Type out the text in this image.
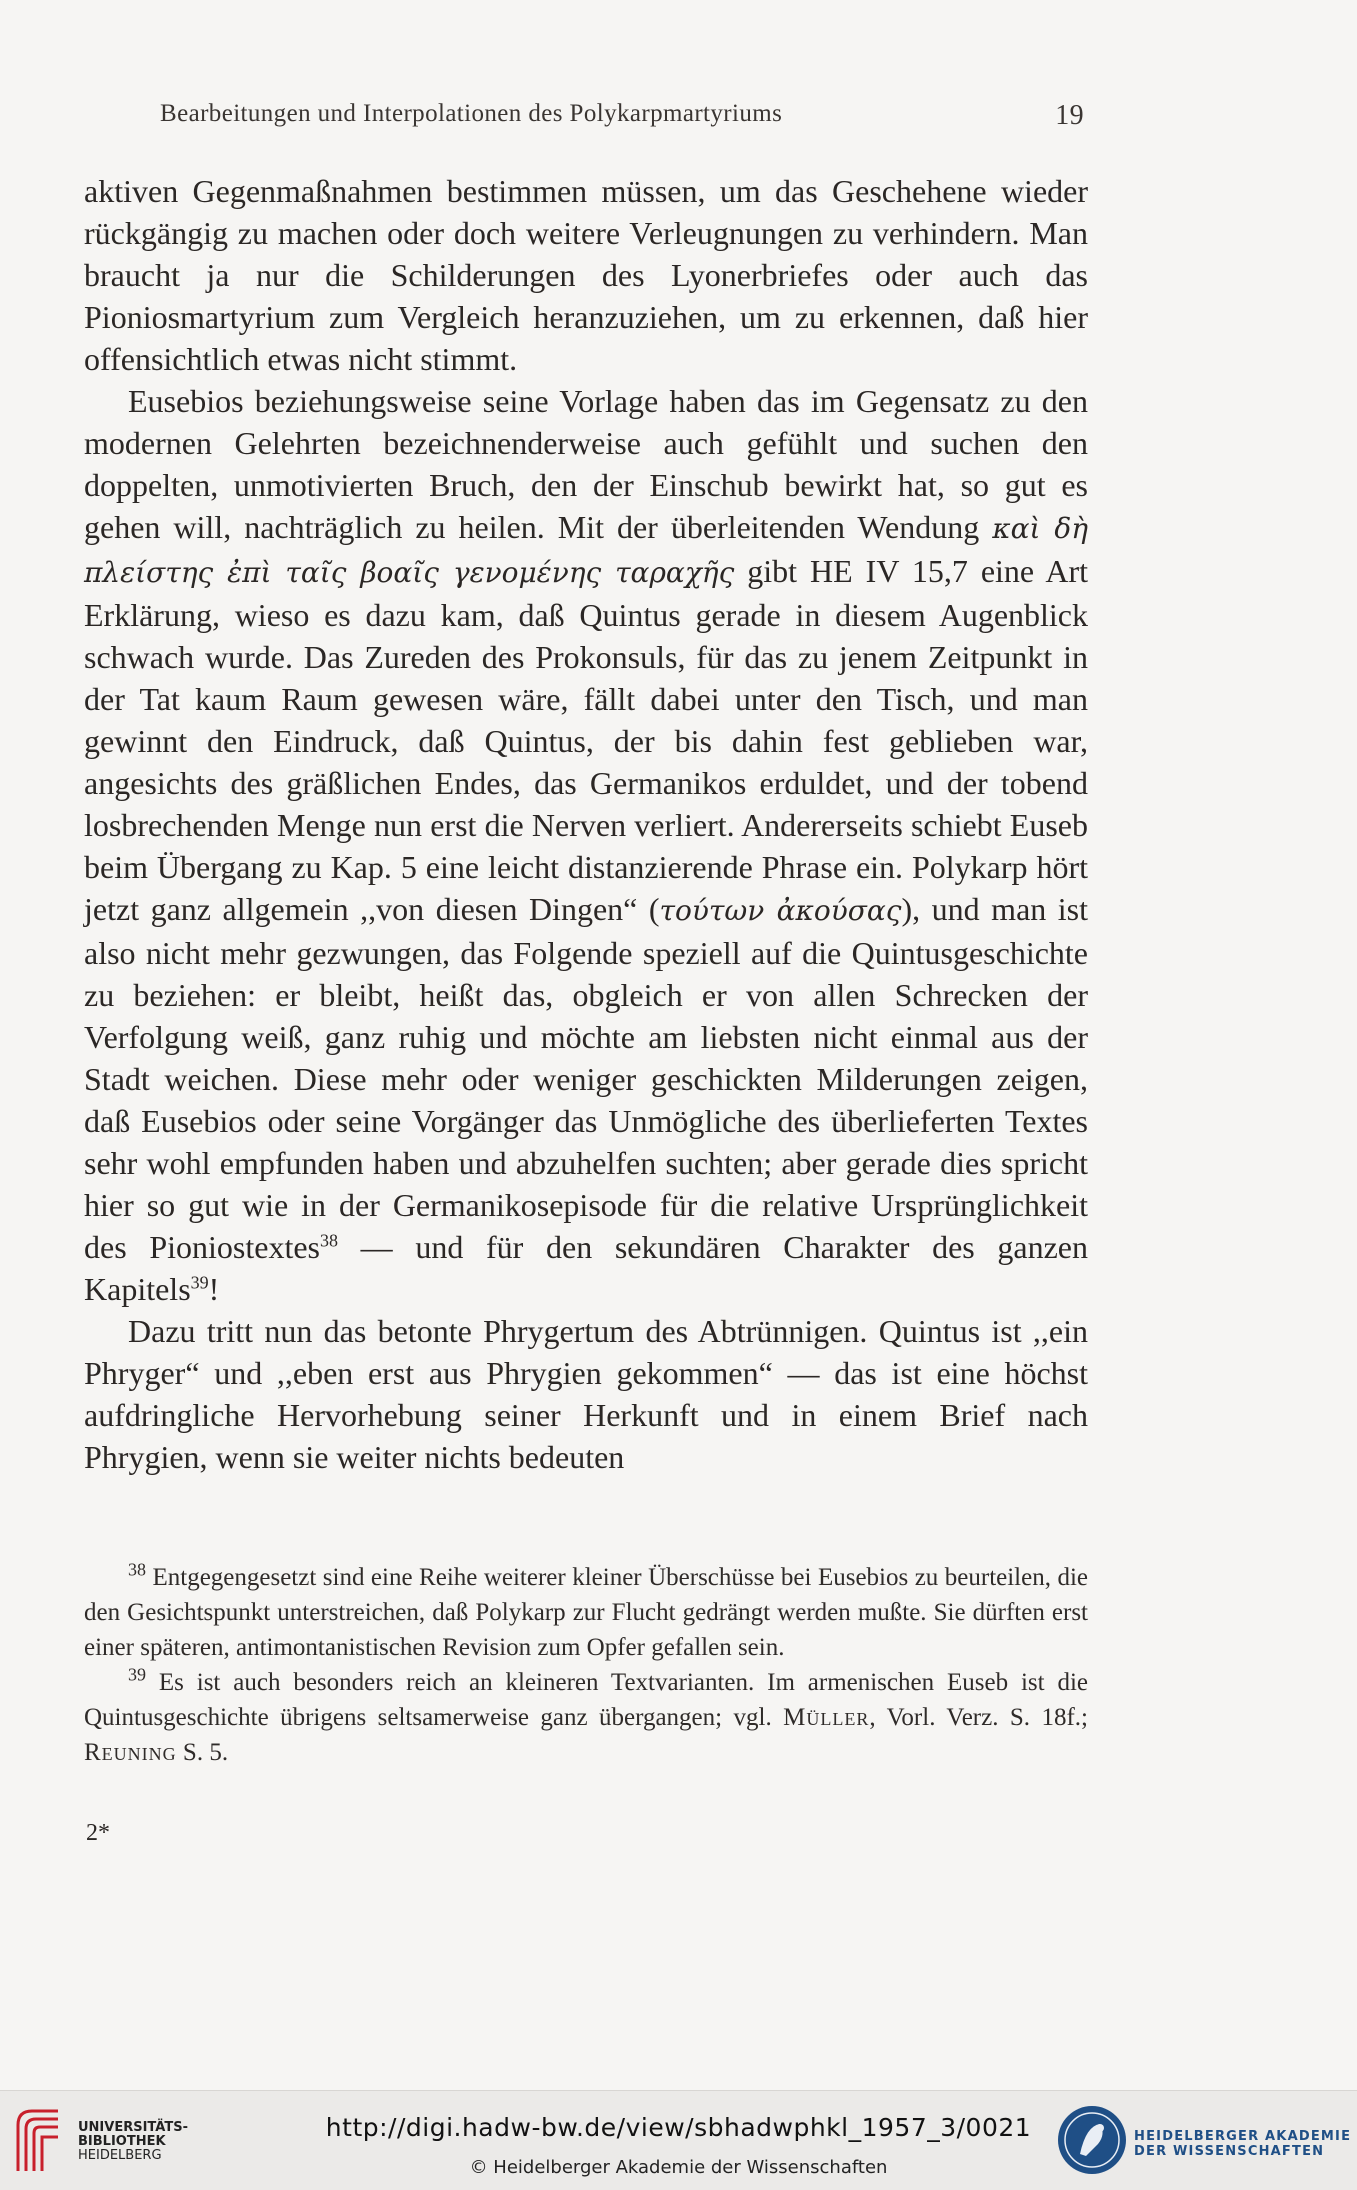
Bearbeitungen und Interpolationen des Polykarpmartyriums	19

aktiven Gegenmaßnahmen bestimmen müssen, um das Geschehene wieder rückgängig zu machen oder doch weitere Verleugnungen zu verhindern. Man braucht ja nur die Schilderungen des Lyonerbriefes oder auch das Pioniosmartyrium zum Vergleich heranzuziehen, um zu erkennen, daß hier offensichtlich etwas nicht stimmt.

Eusebios beziehungsweise seine Vorlage haben das im Gegensatz zu den modernen Gelehrten bezeichnenderweise auch gefühlt und suchen den doppelten, unmotivierten Bruch, den der Einschub bewirkt hat, so gut es gehen will, nachträglich zu heilen. Mit der überleitenden Wendung καὶ δὴ πλείστης ἐπὶ ταῖς βοαῖς γενομένης ταραχῆς gibt HE IV 15,7 eine Art Erklärung, wieso es dazu kam, daß Quintus gerade in diesem Augenblick schwach wurde. Das Zureden des Prokonsuls, für das zu jenem Zeitpunkt in der Tat kaum Raum gewesen wäre, fällt dabei unter den Tisch, und man gewinnt den Eindruck, daß Quintus, der bis dahin fest geblieben war, angesichts des gräßlichen Endes, das Germanikos erduldet, und der tobend losbrechenden Menge nun erst die Nerven verliert. Andererseits schiebt Euseb beim Übergang zu Kap. 5 eine leicht distanzierende Phrase ein. Polykarp hört jetzt ganz allgemein ,,von diesen Dingen“ (τούτων ἀκούσας), und man ist also nicht mehr gezwungen, das Folgende speziell auf die Quintusgeschichte zu beziehen: er bleibt, heißt das, obgleich er von allen Schrecken der Verfolgung weiß, ganz ruhig und möchte am liebsten nicht einmal aus der Stadt weichen. Diese mehr oder weniger geschickten Milderungen zeigen, daß Eusebios oder seine Vorgänger das Unmögliche des überlieferten Textes sehr wohl empfunden haben und abzuhelfen suchten; aber gerade dies spricht hier so gut wie in der Germanikosepisode für die relative Ursprünglichkeit des Pioniostextes$^{38}$ — und für den sekundären Charakter des ganzen Kapitels$^{39}$!

Dazu tritt nun das betonte Phrygertum des Abtrünnigen. Quintus ist ,,ein Phryger“ und ,,eben erst aus Phrygien gekommen“ — das ist eine höchst aufdringliche Hervorhebung seiner Herkunft und in einem Brief nach Phrygien, wenn sie weiter nichts bedeuten

$^{38}$ Entgegengesetzt sind eine Reihe weiterer kleiner Überschüsse bei Eusebios zu beurteilen, die den Gesichtspunkt unterstreichen, daß Polykarp zur Flucht gedrängt werden mußte. Sie dürften erst einer späteren, antimontanistischen Revision zum Opfer gefallen sein.

$^{39}$ Es ist auch besonders reich an kleineren Textvarianten. Im armenischen Euseb ist die Quintusgeschichte übrigens seltsamerweise ganz übergangen; vgl. Müller, Vorl. Verz. S. 18f.; Reuning S. 5.

2*
UNIVERSITÄTS-
BIBLIOTHEK
HEIDELBERG
http://digi.hadw-bw.de/view/sbhadwphkl_1957_3/0021
© Heidelberger Akademie der Wissenschaften
HEIDELBERGER AKADEMIE
DER WISSENSCHAFTEN
